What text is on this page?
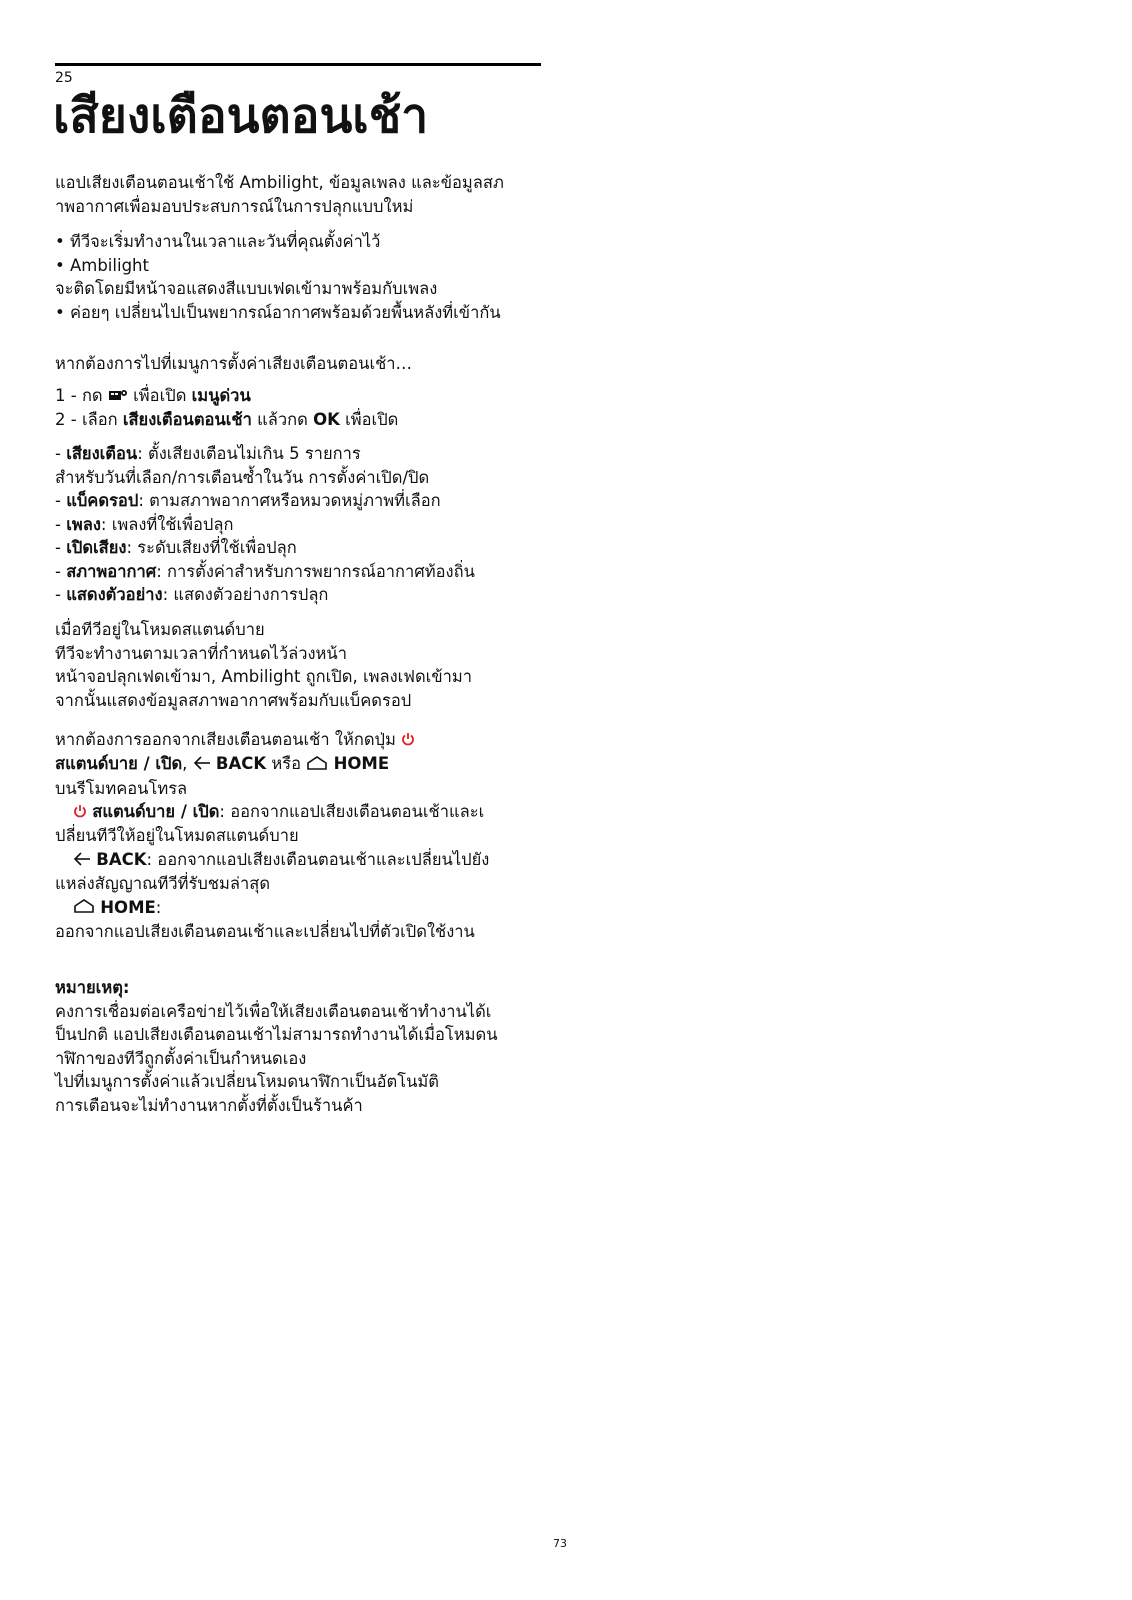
25
เสียงเตือนตอนเช้า
แอปเสียงเตือนตอนเช้าใช้ Ambilight, ข้อมูลเพลง และข้อมูลสภ
าพอากาศเพื่อมอบประสบการณ์ในการปลุกแบบใหม่
• ทีวีจะเริ่มทำงานในเวลาและวันที่คุณตั้งค่าไว้
• Ambilight
จะติดโดยมีหน้าจอแสดงสีแบบเฟดเข้ามาพร้อมกับเพลง
• ค่อยๆ เปลี่ยนไปเป็นพยากรณ์อากาศพร้อมด้วยพื้นหลังที่เข้ากัน
หากต้องการไปที่เมนูการตั้งค่าเสียงเตือนตอนเช้า…
1 - กด เพื่อเปิด เมนูด่วน
2 - เลือก เสียงเตือนตอนเช้า แล้วกด OK เพื่อเปิด
- เสียงเตือน: ตั้งเสียงเตือนไม่เกิน 5 รายการ
สำหรับวันที่เลือก/การเตือนซ้ำในวัน การตั้งค่าเปิด/ปิด
- แบ็คดรอป: ตามสภาพอากาศหรือหมวดหมู่ภาพที่เลือก
- เพลง: เพลงที่ใช้เพื่อปลุก
- เปิดเสียง: ระดับเสียงที่ใช้เพื่อปลุก
- สภาพอากาศ: การตั้งค่าสำหรับการพยากรณ์อากาศท้องถิ่น
- แสดงตัวอย่าง: แสดงตัวอย่างการปลุก
เมื่อทีวีอยู่ในโหมดสแตนด์บาย
ทีวีจะทำงานตามเวลาที่กำหนดไว้ล่วงหน้า
หน้าจอปลุกเฟดเข้ามา, Ambilight ถูกเปิด, เพลงเฟดเข้ามา
จากนั้นแสดงข้อมูลสภาพอากาศพร้อมกับแบ็คดรอป
หากต้องการออกจากเสียงเตือนตอนเช้า ให้กดปุ่ม
สแตนด์บาย / เปิด, BACK หรือ HOME
บนรีโมทคอนโทรล
สแตนด์บาย / เปิด: ออกจากแอปเสียงเตือนตอนเช้าและเ
ปลี่ยนทีวีให้อยู่ในโหมดสแตนด์บาย
BACK: ออกจากแอปเสียงเตือนตอนเช้าและเปลี่ยนไปยัง
แหล่งสัญญาณทีวีที่รับชมล่าสุด
HOME:
ออกจากแอปเสียงเตือนตอนเช้าและเปลี่ยนไปที่ตัวเปิดใช้งาน
หมายเหตุ:
คงการเชื่อมต่อเครือข่ายไว้เพื่อให้เสียงเตือนตอนเช้าทำงานได้เ
ป็นปกติ แอปเสียงเตือนตอนเช้าไม่สามารถทำงานได้เมื่อโหมดน
าฬิกาของทีวีถูกตั้งค่าเป็นกำหนดเอง
ไปที่เมนูการตั้งค่าแล้วเปลี่ยนโหมดนาฬิกาเป็นอัตโนมัติ
การเตือนจะไม่ทำงานหากตั้งที่ตั้งเป็นร้านค้า
73
